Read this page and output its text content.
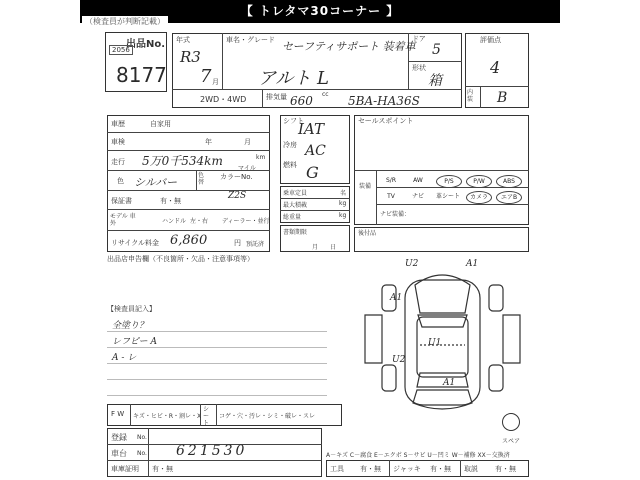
【 トレタマ30コーナー 】
（検査員が判断記載）
出品No.
2056
8177
年式
R3
7 月
車名・グレード セーフティサポート 装着車
アルト L
ドア
5
形状
箱
2WD・4WD	排気量 660 cc 5BA-HA36S
評価点
4
内装 B
車歴	自家用
車検	年	月
走行 5万0千534km	km
マイル
色 シルバー
色替
カラーNo.
Z2S
保証書	有・無
モデル 車 外	ハンドル 左・右 ディーラー・並行
リサイクル料金 6,860	円 預託済
シフト
IAT
冷房 AC
燃料 G
乗車定員	名
最大積載	kg
総重量	kg
書類期限
月日
セールスポイント
装備
S/R	AW	P/S	P/W	ABS
TV	ナビ	革シート	カメラ	エアB
ナビ装備：
後付品
出品店申告欄（不良箇所・欠品・注意事項等）
【検査員記入】
全塗り？
レフピー A
A - レ
U2	A1
A1
U1
U2
A1
スペア
F W キズ・ヒビ・R・割レ・X
シート
コゲ・穴・汚レ・シミ・破レ・スレ
登録 No.
車台 No. 621530
車庫証明 有・無
A－キズ C－腐食 E－エクボ S－サビ U－凹ミ W－補修 XX－交換済
工具 有・無 ジャッキ 有・無 取説 有・無
